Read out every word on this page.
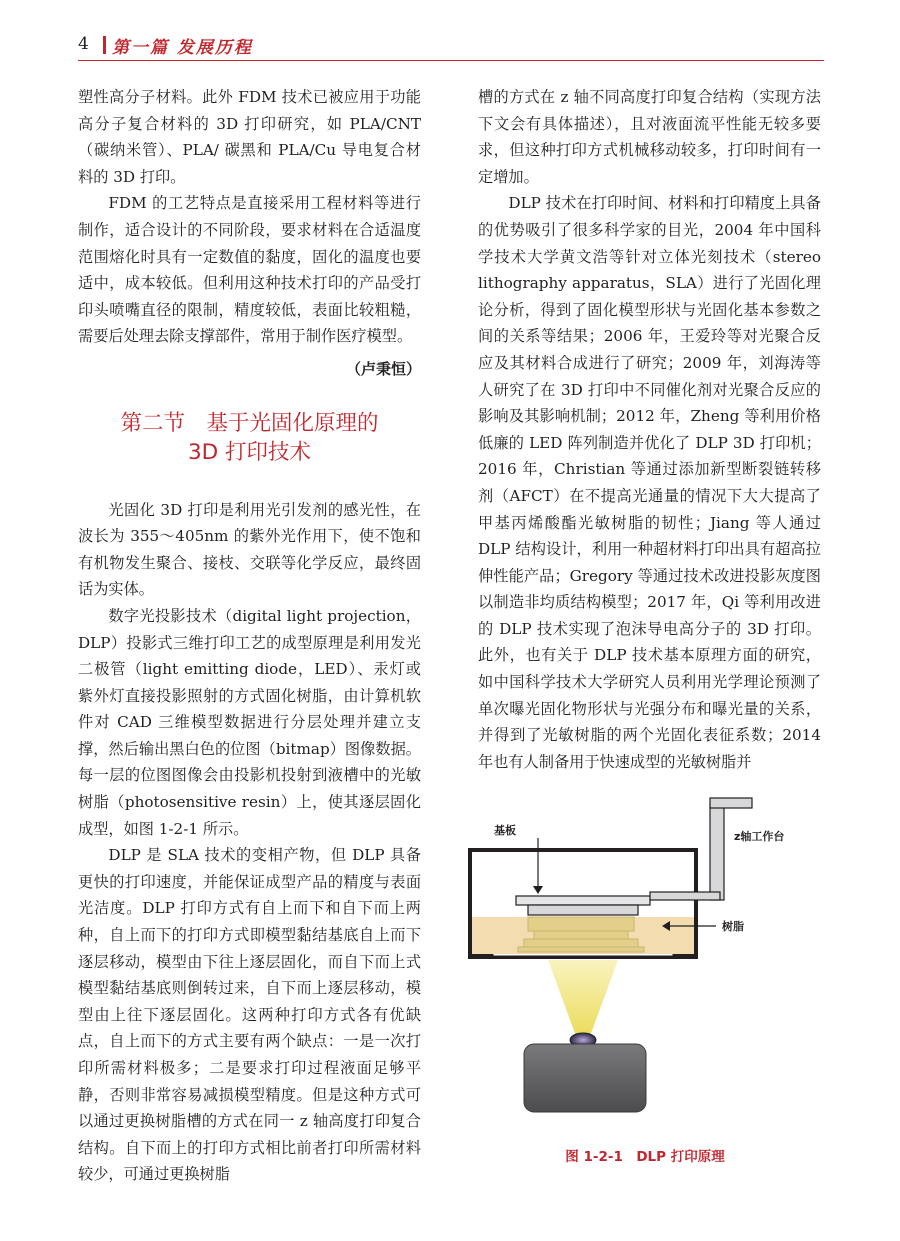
4 第一篇 发展历程

塑性高分子材料。此外 FDM 技术已被应用于功能高分子复合材料的 3D 打印研究，如 PLA/CNT（碳纳米管）、PLA/ 碳黑和 PLA/Cu 导电复合材料的 3D 打印。

FDM 的工艺特点是直接采用工程材料等进行制作，适合设计的不同阶段，要求材料在合适温度范围熔化时具有一定数值的黏度，固化的温度也要适中，成本较低。但利用这种技术打印的产品受打印头喷嘴直径的限制，精度较低，表面比较粗糙，需要后处理去除支撑部件，常用于制作医疗模型。

（卢秉恒）

第二节　基于光固化原理的
3D 打印技术

光固化 3D 打印是利用光引发剂的感光性，在波长为 355～405nm 的紫外光作用下，使不饱和有机物发生聚合、接枝、交联等化学反应，最终固话为实体。

数字光投影技术（digital light projection，DLP）投影式三维打印工艺的成型原理是利用发光二极管（light emitting diode，LED）、汞灯或紫外灯直接投影照射的方式固化树脂，由计算机软件对 CAD 三维模型数据进行分层处理并建立支撑，然后输出黑白色的位图（bitmap）图像数据。每一层的位图图像会由投影机投射到液槽中的光敏树脂（photosensitive resin）上，使其逐层固化成型，如图 1-2-1 所示。

DLP 是 SLA 技术的变相产物，但 DLP 具备更快的打印速度，并能保证成型产品的精度与表面光洁度。DLP 打印方式有自上而下和自下而上两种，自上而下的打印方式即模型黏结基底自上而下逐层移动，模型由下往上逐层固化，而自下而上式模型黏结基底则倒转过来，自下而上逐层移动，模型由上往下逐层固化。这两种打印方式各有优缺点，自上而下的方式主要有两个缺点：一是一次打印所需材料极多；二是要求打印过程液面足够平静，否则非常容易减损模型精度。但是这种方式可以通过更换树脂槽的方式在同一 z 轴高度打印复合结构。自下而上的打印方式相比前者打印所需材料较少，可通过更换树脂

槽的方式在 z 轴不同高度打印复合结构（实现方法下文会有具体描述），且对液面流平性能无较多要求，但这种打印方式机械移动较多，打印时间有一定增加。

DLP 技术在打印时间、材料和打印精度上具备的优势吸引了很多科学家的目光，2004 年中国科学技术大学黄文浩等针对立体光刻技术（stereo lithography apparatus，SLA）进行了光固化理论分析，得到了固化模型形状与光固化基本参数之间的关系等结果；2006 年，王爱玲等对光聚合反应及其材料合成进行了研究；2009 年，刘海涛等人研究了在 3D 打印中不同催化剂对光聚合反应的影响及其影响机制；2012 年，Zheng 等利用价格低廉的 LED 阵列制造并优化了 DLP 3D 打印机；2016 年，Christian 等通过添加新型断裂链转移剂（AFCT）在不提高光通量的情况下大大提高了甲基丙烯酸酯光敏树脂的韧性；Jiang 等人通过 DLP 结构设计，利用一种超材料打印出具有超高拉伸性能产品；Gregory 等通过技术改进投影灰度图以制造非均质结构模型；2017 年，Qi 等利用改进的 DLP 技术实现了泡沫导电高分子的 3D 打印。此外，也有关于 DLP 技术基本原理方面的研究，如中国科学技术大学研究人员利用光学理论预测了单次曝光固化物形状与光强分布和曝光量的关系，并得到了光敏树脂的两个光固化表征系数；2014 年也有人制备用于快速成型的光敏树脂并

基板	z轴工作台
树脂
图 1-2-1　DLP 打印原理
